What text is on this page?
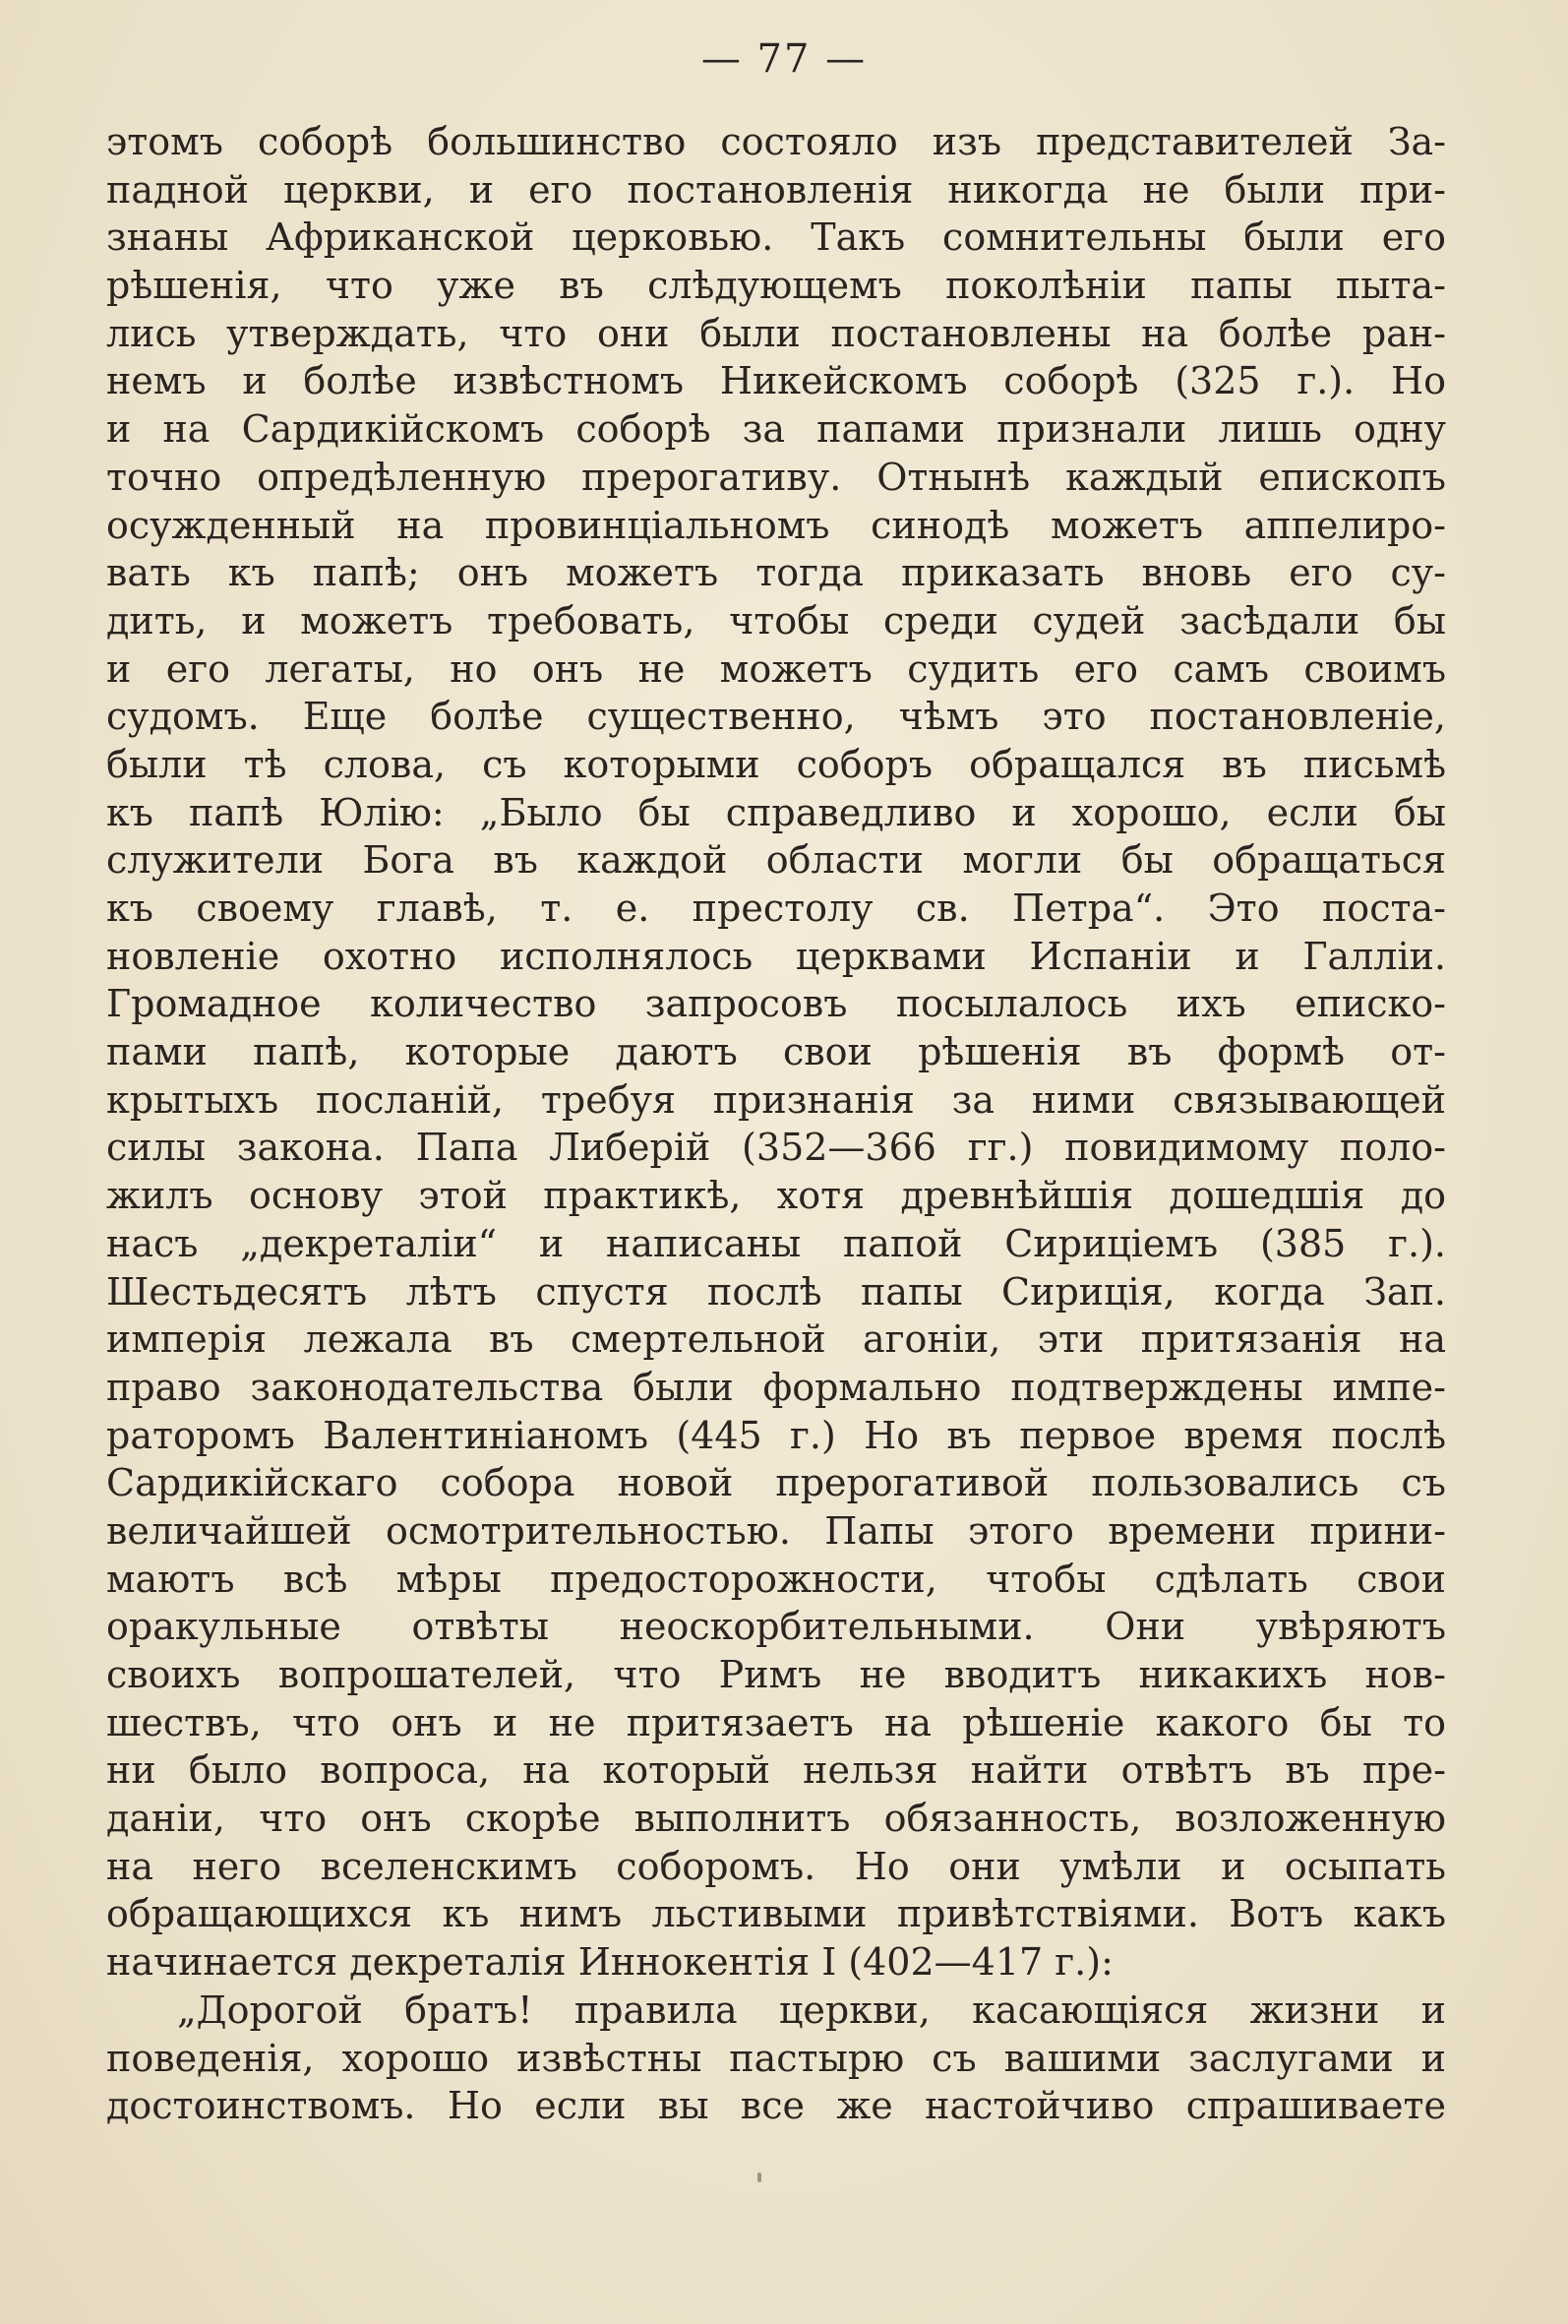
— 77 —
этомъ соборѣ большинство состояло изъ представителей За-
падной церкви, и его постановленія никогда не были при-
знаны Африканской церковью. Такъ сомнительны были его
рѣшенія, что уже въ слѣдующемъ поколѣніи папы пыта-
лись утверждать, что они были постановлены на болѣе ран-
немъ и болѣе извѣстномъ Никейскомъ соборѣ (325 г.). Но
и на Сардикійскомъ соборѣ за папами признали лишь одну
точно опредѣленную прерогативу. Отнынѣ каждый епископъ
осужденный на провинціальномъ синодѣ можетъ аппелиро-
вать къ папѣ; онъ можетъ тогда приказать вновь его су-
дить, и можетъ требовать, чтобы среди судей засѣдали бы
и его легаты, но онъ не можетъ судить его самъ своимъ
судомъ. Еще болѣе существенно, чѣмъ это постановленіе,
были тѣ слова, съ которыми соборъ обращался въ письмѣ
къ папѣ Юлію: „Было бы справедливо и хорошо, если бы
служители Бога въ каждой области могли бы обращаться
къ своему главѣ, т. е. престолу св. Петра“. Это поста-
новленіе охотно исполнялось церквами Испаніи и Галліи.
Громадное количество запросовъ посылалось ихъ еписко-
пами папѣ, которые даютъ свои рѣшенія въ формѣ от-
крытыхъ посланій, требуя признанія за ними связывающей
силы закона. Папа Либерій (352—366 гг.) повидимому поло-
жилъ основу этой практикѣ, хотя древнѣйшія дошедшія до
насъ „декреталіи“ и написаны папой Сириціемъ (385 г.).
Шестьдесятъ лѣтъ спустя послѣ папы Сириція, когда Зап.
имперія лежала въ смертельной агоніи, эти притязанія на
право законодательства были формально подтверждены импе-
раторомъ Валентиніаномъ (445 г.) Но въ первое время послѣ
Сардикійскаго собора новой прерогативой пользовались съ
величайшей осмотрительностью. Папы этого времени прини-
маютъ всѣ мѣры предосторожности, чтобы сдѣлать свои
оракульные отвѣты неоскорбительными. Они увѣряютъ
своихъ вопрошателей, что Римъ не вводитъ никакихъ нов-
шествъ, что онъ и не притязаетъ на рѣшеніе какого бы то
ни было вопроса, на который нельзя найти отвѣтъ въ пре-
даніи, что онъ скорѣе выполнитъ обязанность, возложенную
на него вселенскимъ соборомъ. Но они умѣли и осыпать
обращающихся къ нимъ льстивыми привѣтствіями. Вотъ какъ
начинается декреталія Иннокентія I (402—417 г.):
„Дорогой братъ! правила церкви, касающіяся жизни и
поведенія, хорошо извѣстны пастырю съ вашими заслугами и
достоинствомъ. Но если вы все же настойчиво спрашиваете
